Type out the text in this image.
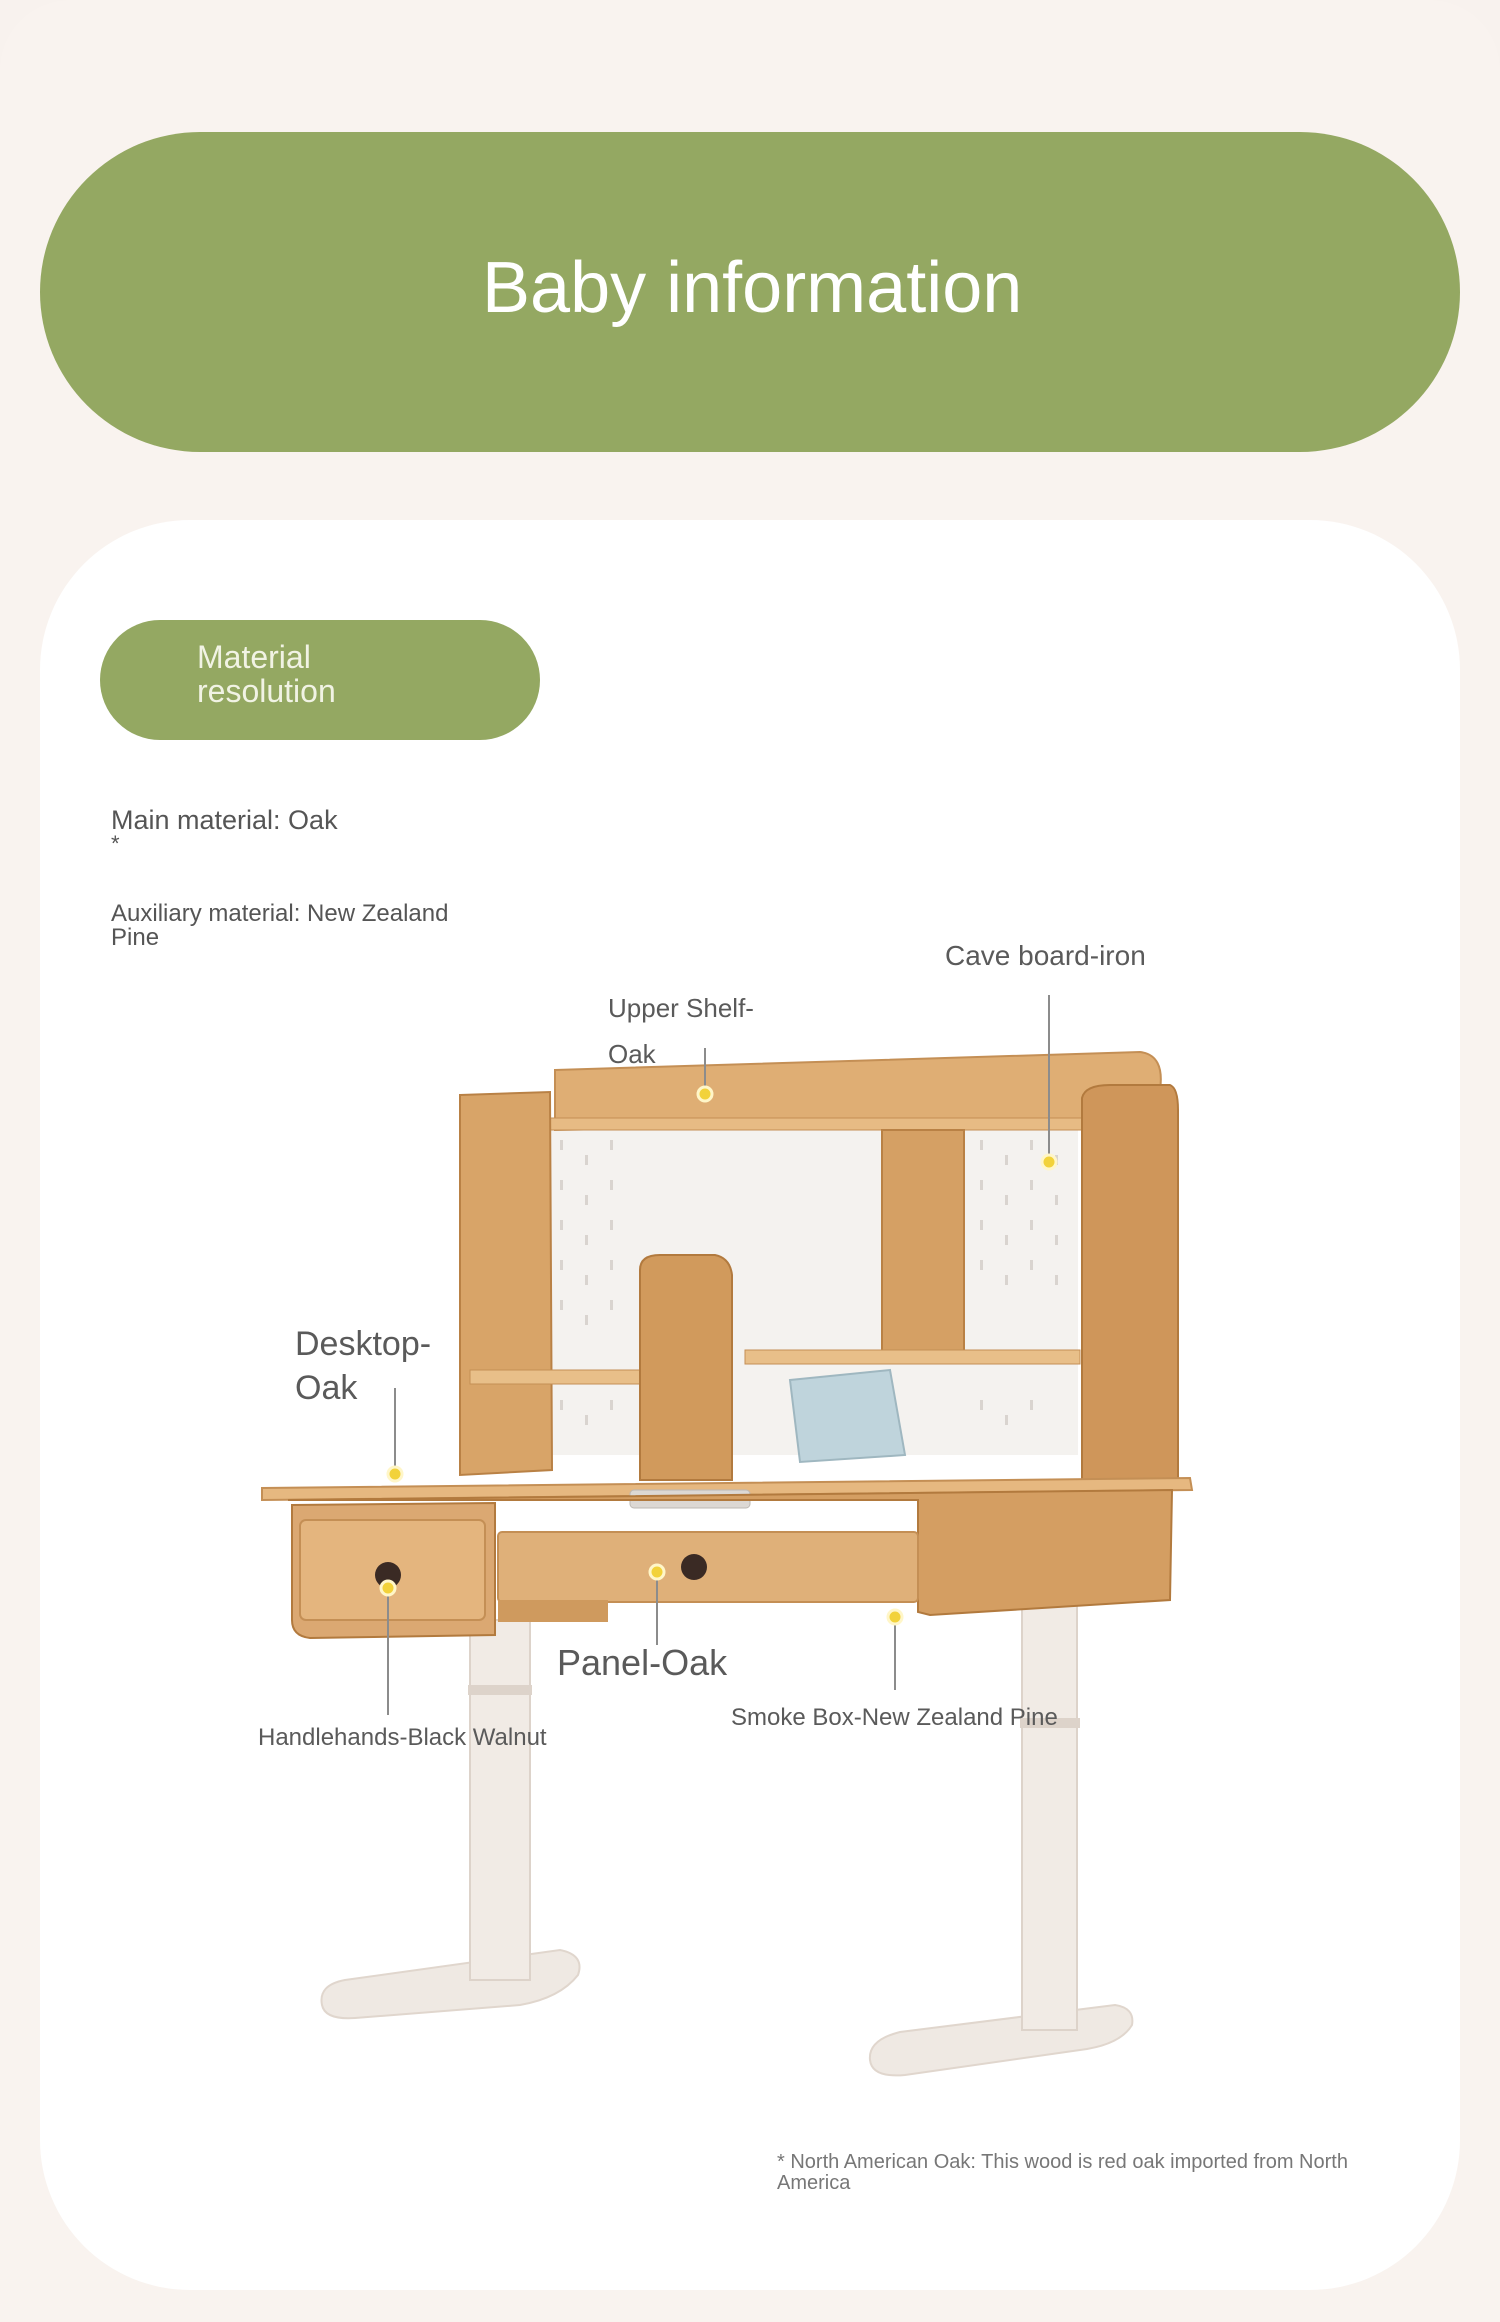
Baby information
Material resolution
Main material: Oak
*
Auxiliary material: New Zealand Pine
Cave board-iron
Upper Shelf-Oak
Desktop-Oak
Panel-Oak
Smoke Box-New Zealand Pine
Handlehands-Black Walnut
* North American Oak: This wood is red oak imported from North America
